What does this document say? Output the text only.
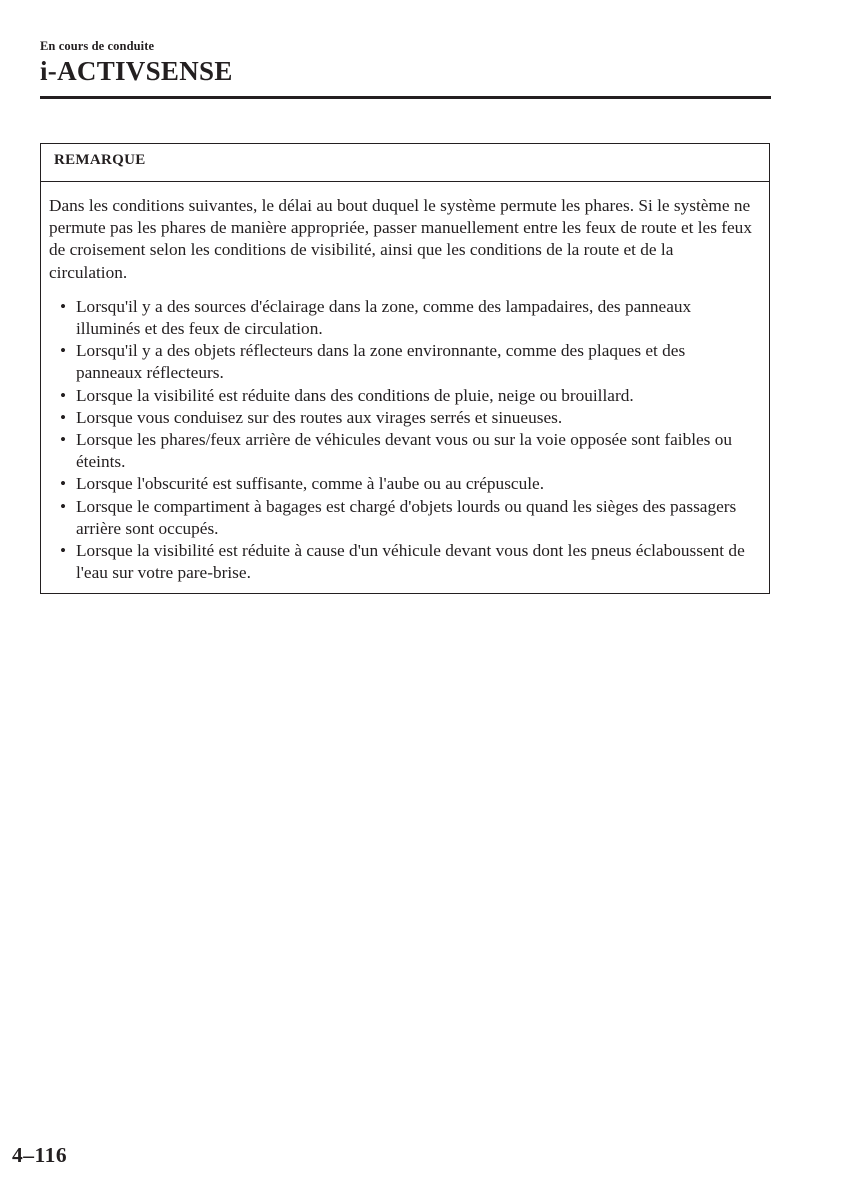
En cours de conduite
i-ACTIVSENSE
REMARQUE

Dans les conditions suivantes, le délai au bout duquel le système permute les phares. Si le système ne permute pas les phares de manière appropriée, passer manuellement entre les feux de route et les feux de croisement selon les conditions de visibilité, ainsi que les conditions de la route et de la circulation.

• Lorsqu'il y a des sources d'éclairage dans la zone, comme des lampadaires, des panneaux illuminés et des feux de circulation.
• Lorsqu'il y a des objets réflecteurs dans la zone environnante, comme des plaques et des panneaux réflecteurs.
• Lorsque la visibilité est réduite dans des conditions de pluie, neige ou brouillard.
• Lorsque vous conduisez sur des routes aux virages serrés et sinueuses.
• Lorsque les phares/feux arrière de véhicules devant vous ou sur la voie opposée sont faibles ou éteints.
• Lorsque l'obscurité est suffisante, comme à l'aube ou au crépuscule.
• Lorsque le compartiment à bagages est chargé d'objets lourds ou quand les sièges des passagers arrière sont occupés.
• Lorsque la visibilité est réduite à cause d'un véhicule devant vous dont les pneus éclaboussent de l'eau sur votre pare-brise.
4–116
